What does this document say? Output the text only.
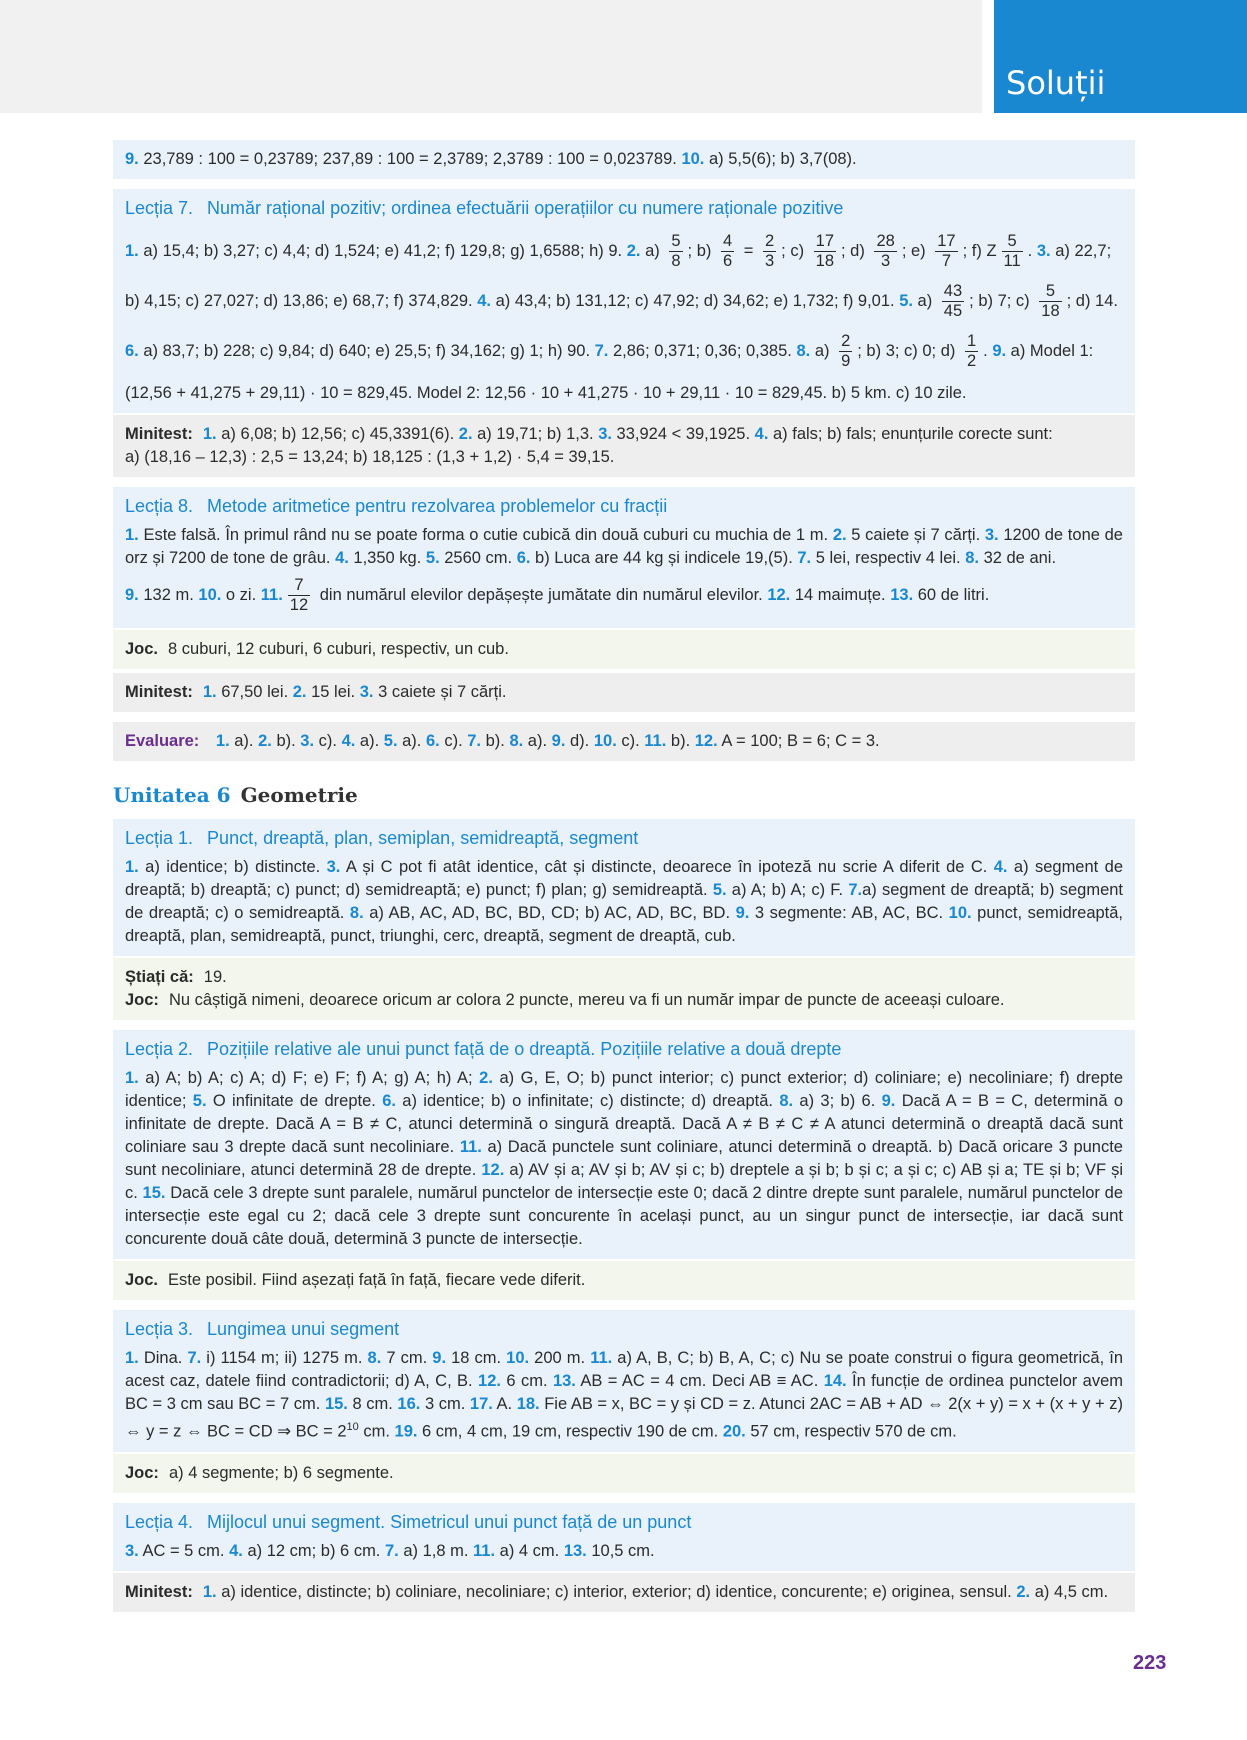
Soluții
9. 23,789 : 100 = 0,23789; 237,89 : 100 = 2,3789; 2,3789 : 100 = 0,023789. 10. a) 5,5(6); b) 3,7(08).
Lecția 7. Număr rațional pozitiv; ordinea efectuării operațiilor cu numere raționale pozitive
1. a) 15,4; b) 3,27; c) 4,4; d) 1,524; e) 41,2; f) 129,8; g) 1,6588; h) 9. 2. $a) \frac{5}{8}$ ; $b) \frac{4}{6} = \frac{2}{3}$ ; $c) \frac{17}{18}$ ; $d) \frac{28}{3}$ ; $e) \frac{17}{7}$ ; f) Z $\frac{5}{11}$ . 3. a) 22,7;
b) 4,15; c) 27,027; d) 13,86; e) 68,7; f) 374,829. 4. a) 43,4; b) 131,12; c) 47,92; d) 34,62; e) 1,732; f) 9,01. 5. $a) \frac{43}{45}$ ; b) 7; $c) \frac{5}{18}$ ; d) 14.
6. a) 83,7; b) 228; c) 9,84; d) 640; e) 25,5; f) 34,162; g) 1; h) 90. 7. 2,86; 0,371; 0,36; 0,385. 8. $a) \frac{2}{9}$ ; b) 3; c) 0; $d) \frac{1}{2}$ . 9. a) Model 1:
(12,56 + 41,275 + 29,11) · 10 = 829,45. Model 2: 12,56 · 10 + 41,275 · 10 + 29,11 · 10 = 829,45. b) 5 km. c) 10 zile.
Minitest: 1. a) 6,08; b) 12,56; c) 45,3391(6). 2. a) 19,71; b) 1,3. 3. 33,924 < 39,1925. 4. a) fals; b) fals; enunțurile corecte sunt:
a) (18,16 – 12,3) : 2,5 = 13,24; b) 18,125 : (1,3 + 1,2) · 5,4 = 39,15.
Lecția 8. Metode aritmetice pentru rezolvarea problemelor cu fracții
1. Este falsă. În primul rând nu se poate forma o cutie cubică din două cuburi cu muchia de 1 m. 2. 5 caiete și 7 cărți. 3. 1200 de tone de orz și 7200 de tone de grâu. 4. 1,350 kg. 5. 2560 cm. 6. b) Luca are 44 kg și indicele 19,(5). 7. 5 lei, respectiv 4 lei. 8. 32 de ani.
9. 132 m. 10. o zi. 11. $\frac{7}{12}$ din numărul elevilor depășește jumătate din numărul elevilor. 12. 14 maimuțe. 13. 60 de litri.
Joc. 8 cuburi, 12 cuburi, 6 cuburi, respectiv, un cub.
Minitest: 1. 67,50 lei. 2. 15 lei. 3. 3 caiete și 7 cărți.
Evaluare: 1. a). 2. b). 3. c). 4. a). 5. a). 6. c). 7. b). 8. a). 9. d). 10. c). 11. b). 12. A = 100; B = 6; C = 3.
Unitatea 6 Geometrie
Lecția 1. Punct, dreaptă, plan, semiplan, semidreaptă, segment
1. a) identice; b) distincte. 3. A și C pot fi atât identice, cât și distincte, deoarece în ipoteză nu scrie A diferit de C. 4. a) segment de dreaptă; b) dreaptă; c) punct; d) semidreaptă; e) punct; f) plan; g) semidreaptă. 5. a) A; b) A; c) F. 7.a) segment de dreaptă; b) segment de dreaptă; c) o semidreaptă. 8. a) AB, AC, AD, BC, BD, CD; b) AC, AD, BC, BD. 9. 3 segmente: AB, AC, BC. 10. punct, semidreaptă, dreaptă, plan, semidreaptă, punct, triunghi, cerc, dreaptă, segment de dreaptă, cub.
Știați că: 19.
Joc: Nu câștigă nimeni, deoarece oricum ar colora 2 puncte, mereu va fi un număr impar de puncte de aceeași culoare.
Lecția 2. Pozițiile relative ale unui punct față de o dreaptă. Pozițiile relative a două drepte
1. a) A; b) A; c) A; d) F; e) F; f) A; g) A; h) A; 2. a) G, E, O; b) punct interior; c) punct exterior; d) coliniare; e) necoliniare; f) drepte identice; 5. O infinitate de drepte. 6. a) identice; b) o infinitate; c) distincte; d) dreaptă. 8. a) 3; b) 6. 9. Dacă A = B = C, determină o infinitate de drepte. Dacă A = B ≠ C, atunci determină o singură dreaptă. Dacă A ≠ B ≠ C ≠ A atunci determină o dreaptă dacă sunt coliniare sau 3 drepte dacă sunt necoliniare. 11. a) Dacă punctele sunt coliniare, atunci determină o dreaptă. b) Dacă oricare 3 puncte sunt necoliniare, atunci determină 28 de drepte. 12. a) AV și a; AV și b; AV și c; b) dreptele a și b; b și c; a și c; c) AB și a; TE și b; VF și c. 15. Dacă cele 3 drepte sunt paralele, numărul punctelor de intersecție este 0; dacă 2 dintre drepte sunt paralele, numărul punctelor de intersecție este egal cu 2; dacă cele 3 drepte sunt concurente în același punct, au un singur punct de intersecție, iar dacă sunt concurente două câte două, determină 3 puncte de intersecție.
Joc. Este posibil. Fiind așezați față în față, fiecare vede diferit.
Lecția 3. Lungimea unui segment
1. Dina. 7. i) 1154 m; ii) 1275 m. 8. 7 cm. 9. 18 cm. 10. 200 m. 11. a) A, B, C; b) B, A, C; c) Nu se poate construi o figura geometrică, în acest caz, datele fiind contradictorii; d) A, C, B. 12. 6 cm. 13. AB = AC = 4 cm. Deci AB ≡ AC. 14. În funcție de ordinea punctelor avem BC = 3 cm sau BC = 7 cm. 15. 8 cm. 16. 3 cm. 17. A. 18. Fie AB = x, BC = y și CD = z. Atunci 2AC = AB + AD ⇔ 2(x + y) = x + (x + y + z) ⇔ y = z ⇔ BC = CD ⇒ BC = $2^{10}$ cm. 19. 6 cm, 4 cm, 19 cm, respectiv 190 de cm. 20. 57 cm, respectiv 570 de cm.
Joc: a) 4 segmente; b) 6 segmente.
Lecția 4. Mijlocul unui segment. Simetricul unui punct față de un punct
3. AC = 5 cm. 4. a) 12 cm; b) 6 cm. 7. a) 1,8 m. 11. a) 4 cm. 13. 10,5 cm.
Minitest: 1. a) identice, distincte; b) coliniare, necoliniare; c) interior, exterior; d) identice, concurente; e) originea, sensul. 2. a) 4,5 cm.
223
